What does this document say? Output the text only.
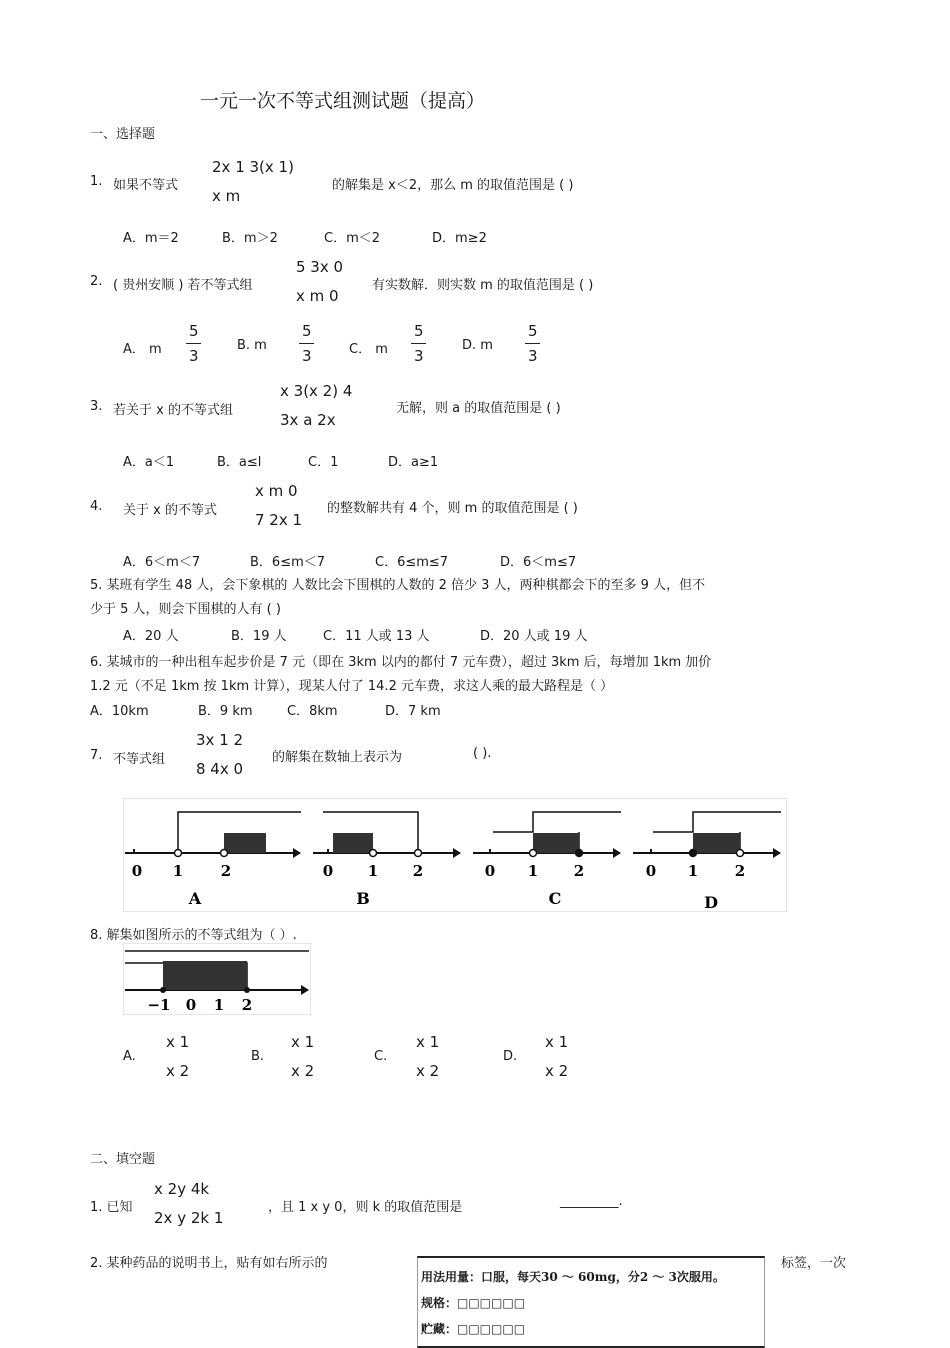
一元一次不等式组测试题（提高）
一、选择题
1. 如果不等式
2x 1 3(x 1)
x m
的解集是 x＜2，那么 m 的取值范围是 ( )
A．m＝2	B．m＞2	C．m＜2	D．m≥2
2. ( 贵州安顺 ) 若不等式组
5 3x 0
x m 0
有实数解．则实数 m 的取值范围是 ( )
A． m
5
3
B. m
5
3	C． m
5
3
D. m
5
3
3. 若关于 x 的不等式组
x 3(x 2) 4
3x a 2x
无解，则 a 的取值范围是 ( )
A．a＜1	B．a≤l	C．1	D．a≥1
4. 关于 x 的不等式
x m 0
7 2x 1
的整数解共有 4 个，则 m 的取值范围是 ( )
A．6＜m＜7	B．6≤m＜7	C．6≤m≤7	D．6＜m≤7
5. 某班有学生 48 人，会下象棋的 人数比会下围棋的人数的 2 倍少 3 人，两种棋都会下的至多 9 人，但不
少于 5 人，则会下围棋的人有 ( )
A．20 人	B．19 人	C．11 人或 13 人	D．20 人或 19 人
6. 某城市的一种出租车起步价是 7 元（即在 3km 以内的都付 7 元车费），超过 3km 后，每增加 1km 加价
1.2 元（不足 1km 按 1km 计算），现某人付了 14.2 元车费，求这人乘的最大路程是（ ）
A．10km	B．9 km	C．8km	D．7 km
7. 不等式组
3x 1 2
8 4x 0
的解集在数轴上表示为	( ).
0 1	2
A
0 1 2
B
0 1 2
C
0 1 2
D
8. 解集如图所示的不等式组为（ ）.
−1 0 1 2
A.
x 1
x 2
B.
x 1
x 2
C.
x 1
x 2
D.
x 1
x 2
二、填空题
1. 已知
x 2y 4k
2x y 2k 1
，且 1 x y 0，则 k 的取值范围是	_________.
2. 某种药品的说明书上，贴有如右所示的	标签，一次
用法用量：口服，每天30 ～ 60mg，分2 ～ 3次服用。
规格：□□□□□□
贮藏：□□□□□□
